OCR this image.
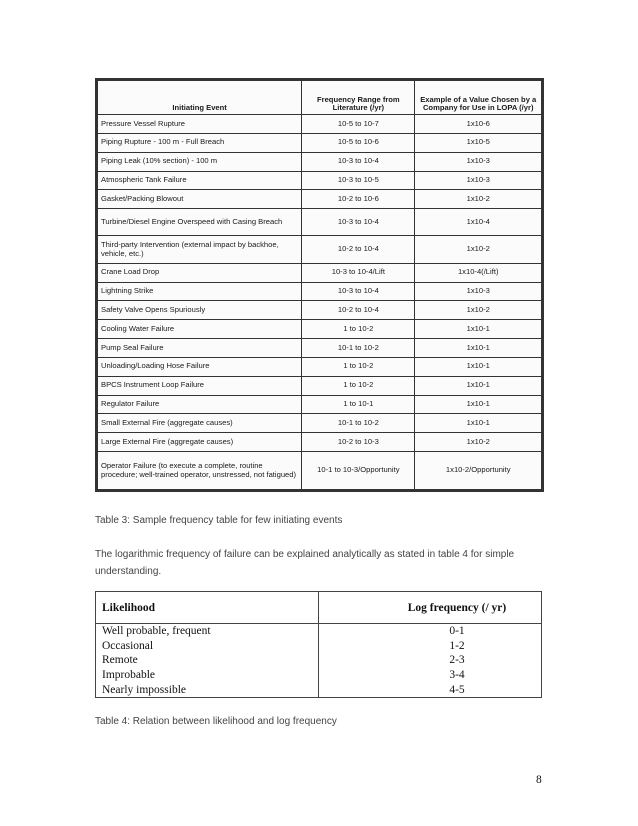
Initiating Event	Frequency Range from Literature (/yr)	Example of a Value Chosen by a Company for Use in LOPA (/yr)
Pressure Vessel Rupture	10-5 to 10-7	1x10-6
Piping Rupture - 100 m - Full Breach	10-5 to 10-6	1x10-5
Piping Leak (10% section) - 100 m	10-3 to 10-4	1x10-3
Atmospheric Tank Failure	10-3 to 10-5	1x10-3
Gasket/Packing Blowout	10-2 to 10-6	1x10-2
Turbine/Diesel Engine Overspeed with Casing Breach	10-3 to 10-4	1x10-4
Third-party Intervention (external impact by backhoe, vehicle, etc.)	10-2 to 10-4	1x10-2
Crane Load Drop	10-3 to 10-4/Lift	1x10-4(/Lift)
Lightning Strike	10-3 to 10-4	1x10-3
Safety Valve Opens Spuriously	10-2 to 10-4	1x10-2
Cooling Water Failure	1 to 10-2	1x10-1
Pump Seal Failure	10-1 to 10-2	1x10-1
Unloading/Loading Hose Failure	1 to 10-2	1x10-1
BPCS Instrument Loop Failure	1 to 10-2	1x10-1
Regulator Failure	1 to 10-1	1x10-1
Small External Fire (aggregate causes)	10-1 to 10-2	1x10-1
Large External Fire (aggregate causes)	10-2 to 10-3	1x10-2
Operator Failure (to execute a complete, routine procedure; well-trained operator, unstressed, not fatigued)	10-1 to 10-3/Opportunity	1x10-2/Opportunity
Table 3: Sample frequency table for few initiating events
The logarithmic frequency of failure can be explained analytically as stated in table 4 for simple understanding.
Likelihood	Log frequency (/ yr)
Well probable, frequent	0-1
Occasional	1-2
Remote	2-3
Improbable	3-4
Nearly impossible	4-5
Table 4: Relation between likelihood and log frequency
8
